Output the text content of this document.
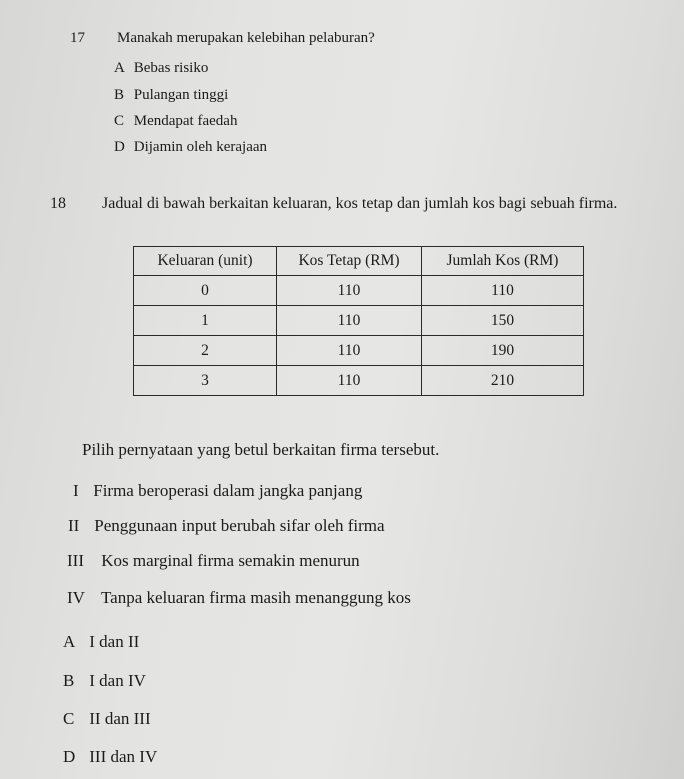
17 Manakah merupakan kelebihan pelaburan?
A Bebas risiko
B Pulangan tinggi
C Mendapat faedah
D Dijamin oleh kerajaan
18 Jadual di bawah berkaitan keluaran, kos tetap dan jumlah kos bagi sebuah firma.
Keluaran (unit)	Kos Tetap (RM)	Jumlah Kos (RM)
0	110	110
1	110	150
2	110	190
3	110	210
Pilih pernyataan yang betul berkaitan firma tersebut.
I Firma beroperasi dalam jangka panjang
II Penggunaan input berubah sifar oleh firma
III Kos marginal firma semakin menurun
IV Tanpa keluaran firma masih menanggung kos
A I dan II
B I dan IV
C II dan III
D III dan IV
